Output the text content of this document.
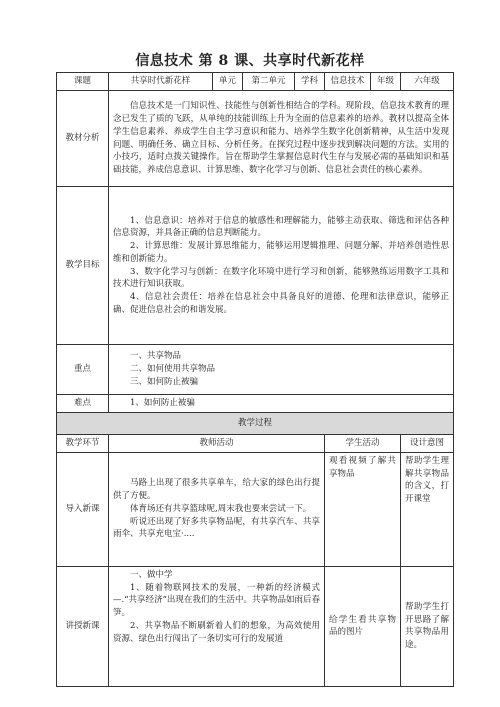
信息技术 第 8 课、共享时代新花样
课题	共享时代新花样	单元	第二单元	学科	信息技术	年级	六年级
教材分析	信息技术是一门知识性、技能性与创新性相结合的学科。现阶段，信息技术教育的理念已发生了质的飞跃，从单纯的技能训练上升为全面的信息素养的培养。教材以提高全体学生信息素养、养成学生自主学习意识和能力、培养学生数字化创新精神，从生活中发现问题、明确任务、确立目标、分析任务。在探究过程中逐步找到解决问题的方法。实用的小技巧，适时点拨关键操作。旨在帮助学生掌握信息时代生存与发展必需的基础知识和基础技能，养成信息意识、计算思维、数字化学习与创新、信息社会责任的核心素养。						

教学目标	1、信息意识：培养对于信息的敏感性和理解能力，能够主动获取、筛选和评估各种信息资源，并具备正确的信息判断能力。

2、计算思维：发展计算思维能力，能够运用逻辑推理、问题分解、并培养创造性思维和创新能力。

3、数字化学习与创新：在数字化环境中进行学习和创新，能够熟练运用数字工具和技术进行知识获取。

4、信息社会责任：培养在信息社会中具备良好的道德、伦理和法律意识，能够正确、促进信息社会的和谐发展。						

重点	一、共享物品

二、如何使用共享物品

三、如何防止被骗						

难点	1、如何防止被骗						

教学过程							
教学环节	教师活动				学生活动		设计意图
导入新课	马路上出现了很多共享单车，给大家的绿色出行提供了方便。

体育场还有共享篮球呢,周末我也要来尝试一下。

听说还出现了好多共享物品呢，有共享汽车、共享雨伞、共享充电宝·....				观看视频了解共享物品		帮助学生理解共享物品的含义，打开课堂

讲授新课	一、做中学

1、随着物联网技术的发展，一种新的经济模式—.“共享经济”出现在我们的生活中。共享物品如雨后春笋。

2、共享物品不断刷新着人们的想象，为高效使用资源、绿色出行闯出了一条切实可行的发展道				给学生看共享物品的图片		帮助学生打开思路了解共享物品用途。
